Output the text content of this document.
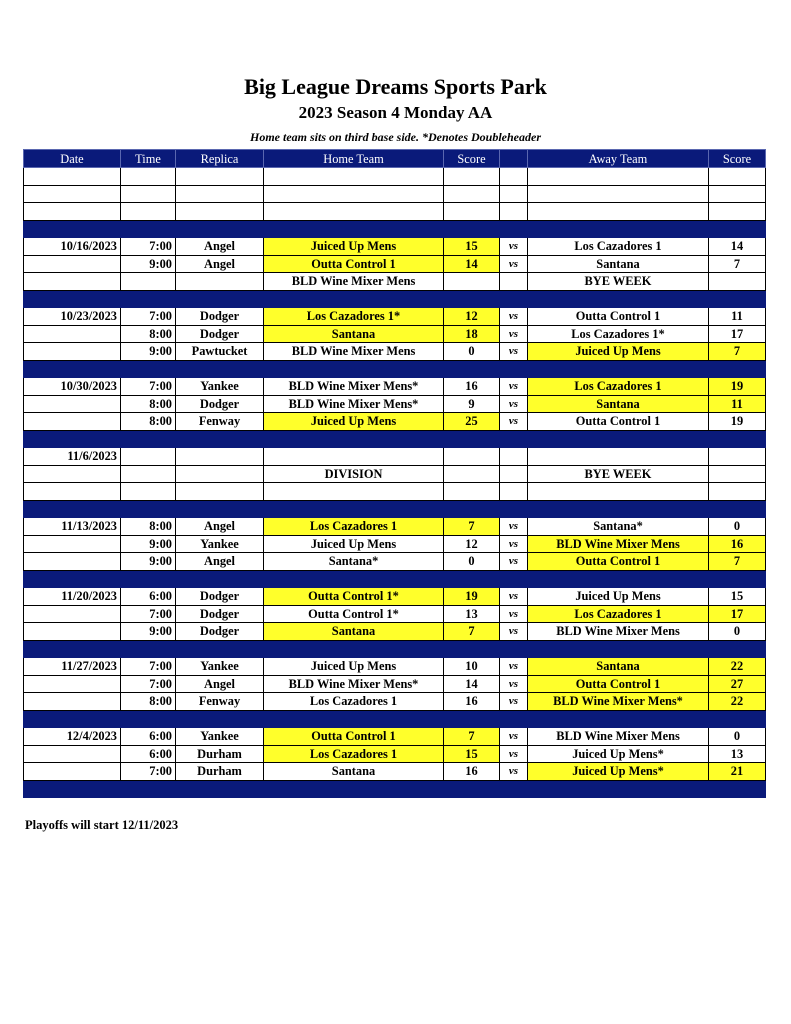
Big League Dreams Sports Park
2023 Season 4 Monday AA
Home team sits on third base side. *Denotes Doubleheader
Date	Time	Replica	Home Team	Score		Away Team	Score

10/16/2023	7:00	Angel	Juiced Up Mens	15	vs	Los Cazadores 1	14
	9:00	Angel	Outta Control 1	14	vs	Santana	7
			BLD Wine Mixer Mens			BYE WEEK	

10/23/2023	7:00	Dodger	Los Cazadores 1*	12	vs	Outta Control 1	11
	8:00	Dodger	Santana	18	vs	Los Cazadores 1*	17
	9:00	Pawtucket	BLD Wine Mixer Mens	0	vs	Juiced Up Mens	7

10/30/2023	7:00	Yankee	BLD Wine Mixer Mens*	16	vs	Los Cazadores 1	19
	8:00	Dodger	BLD Wine Mixer Mens*	9	vs	Santana	11
	8:00	Fenway	Juiced Up Mens	25	vs	Outta Control 1	19

11/6/2023							
			DIVISION			BYE WEEK	

11/13/2023	8:00	Angel	Los Cazadores 1	7	vs	Santana*	0
	9:00	Yankee	Juiced Up Mens	12	vs	BLD Wine Mixer Mens	16
	9:00	Angel	Santana*	0	vs	Outta Control 1	7

11/20/2023	6:00	Dodger	Outta Control 1*	19	vs	Juiced Up Mens	15
	7:00	Dodger	Outta Control 1*	13	vs	Los Cazadores 1	17
	9:00	Dodger	Santana	7	vs	BLD Wine Mixer Mens	0

11/27/2023	7:00	Yankee	Juiced Up Mens	10	vs	Santana	22
	7:00	Angel	BLD Wine Mixer Mens*	14	vs	Outta Control 1	27
	8:00	Fenway	Los Cazadores 1	16	vs	BLD Wine Mixer Mens*	22

12/4/2023	6:00	Yankee	Outta Control 1	7	vs	BLD Wine Mixer Mens	0
	6:00	Durham	Los Cazadores 1	15	vs	Juiced Up Mens*	13
	7:00	Durham	Santana	16	vs	Juiced Up Mens*	21

Playoffs will start 12/11/2023
